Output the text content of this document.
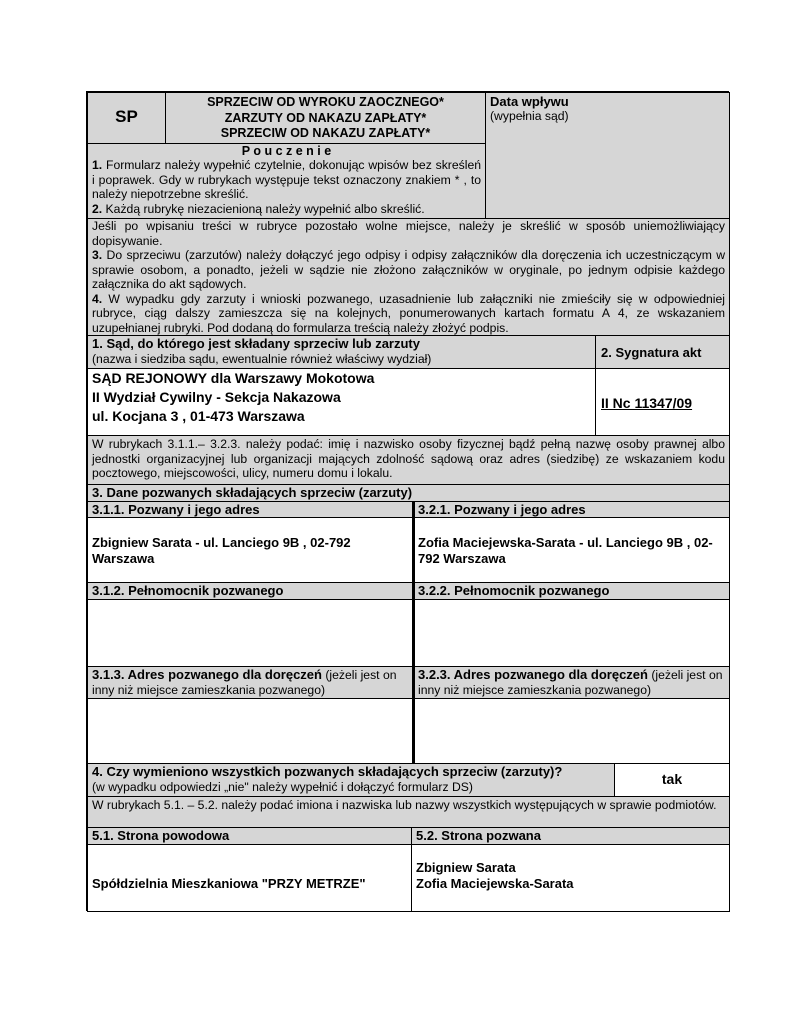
SP
SPRZECIW OD WYROKU ZAOCZNEGO*
ZARZUTY OD NAKAZU ZAPŁATY*
SPRZECIW OD NAKAZU ZAPŁATY*
Data wpływu
(wypełnia sąd)
P o u c z e n i e
1. Formularz należy wypełnić czytelnie, dokonując wpisów bez skreśleń i poprawek. Gdy w rubrykach występuje tekst oznaczony znakiem * , to należy niepotrzebne skreślić.
2. Każdą rubrykę niezacienioną należy wypełnić albo skreślić.
Jeśli po wpisaniu treści w rubryce pozostało wolne miejsce, należy je skreślić w sposób uniemożliwiający dopisywanie.
3. Do sprzeciwu (zarzutów) należy dołączyć jego odpisy i odpisy załączników dla doręczenia ich uczestniczącym w sprawie osobom, a ponadto, jeżeli w sądzie nie złożono załączników w oryginale, po jednym odpisie każdego załącznika do akt sądowych.
4. W wypadku gdy zarzuty i wnioski pozwanego, uzasadnienie lub załączniki nie zmieściły się w odpowiedniej rubryce, ciąg dalszy zamieszcza się na kolejnych, ponumerowanych kartach formatu A 4, ze wskazaniem uzupełnianej rubryki. Pod dodaną do formularza treścią należy złożyć podpis.
1. Sąd, do którego jest składany sprzeciw lub zarzuty
(nazwa i siedziba sądu, ewentualnie również właściwy wydział)	2. Sygnatura akt
SĄD REJONOWY dla Warszawy Mokotowa
II Wydział Cywilny - Sekcja Nakazowa
ul. Kocjana 3 , 01-473 Warszawa
II Nc 11347/09
W rubrykach 3.1.1.– 3.2.3. należy podać: imię i nazwisko osoby fizycznej bądź pełną nazwę osoby prawnej albo jednostki organizacyjnej lub organizacji mających zdolność sądową oraz adres (siedzibę) ze wskazaniem kodu pocztowego, miejscowości, ulicy, numeru domu i lokalu.
3. Dane pozwanych składających sprzeciw (zarzuty)
3.1.1. Pozwany i jego adres	3.2.1. Pozwany i jego adres
Zbigniew Sarata - ul. Lanciego 9B , 02-792 Warszawa
Zofia Maciejewska-Sarata - ul. Lanciego 9B , 02-792 Warszawa
3.1.2. Pełnomocnik pozwanego	3.2.2. Pełnomocnik pozwanego
3.1.3. Adres pozwanego dla doręczeń (jeżeli jest on inny niż miejsce zamieszkania pozwanego)
3.2.3. Adres pozwanego dla doręczeń (jeżeli jest on inny niż miejsce zamieszkania pozwanego)
4. Czy wymieniono wszystkich pozwanych składających sprzeciw (zarzuty)?
(w wypadku odpowiedzi „nie" należy wypełnić i dołączyć formularz DS)	tak
W rubrykach 5.1. – 5.2. należy podać imiona i nazwiska lub nazwy wszystkich występujących w sprawie podmiotów.
5.1. Strona powodowa	5.2. Strona pozwana
Spółdzielnia Mieszkaniowa "PRZY METRZE"
Zbigniew Sarata
Zofia Maciejewska-Sarata
